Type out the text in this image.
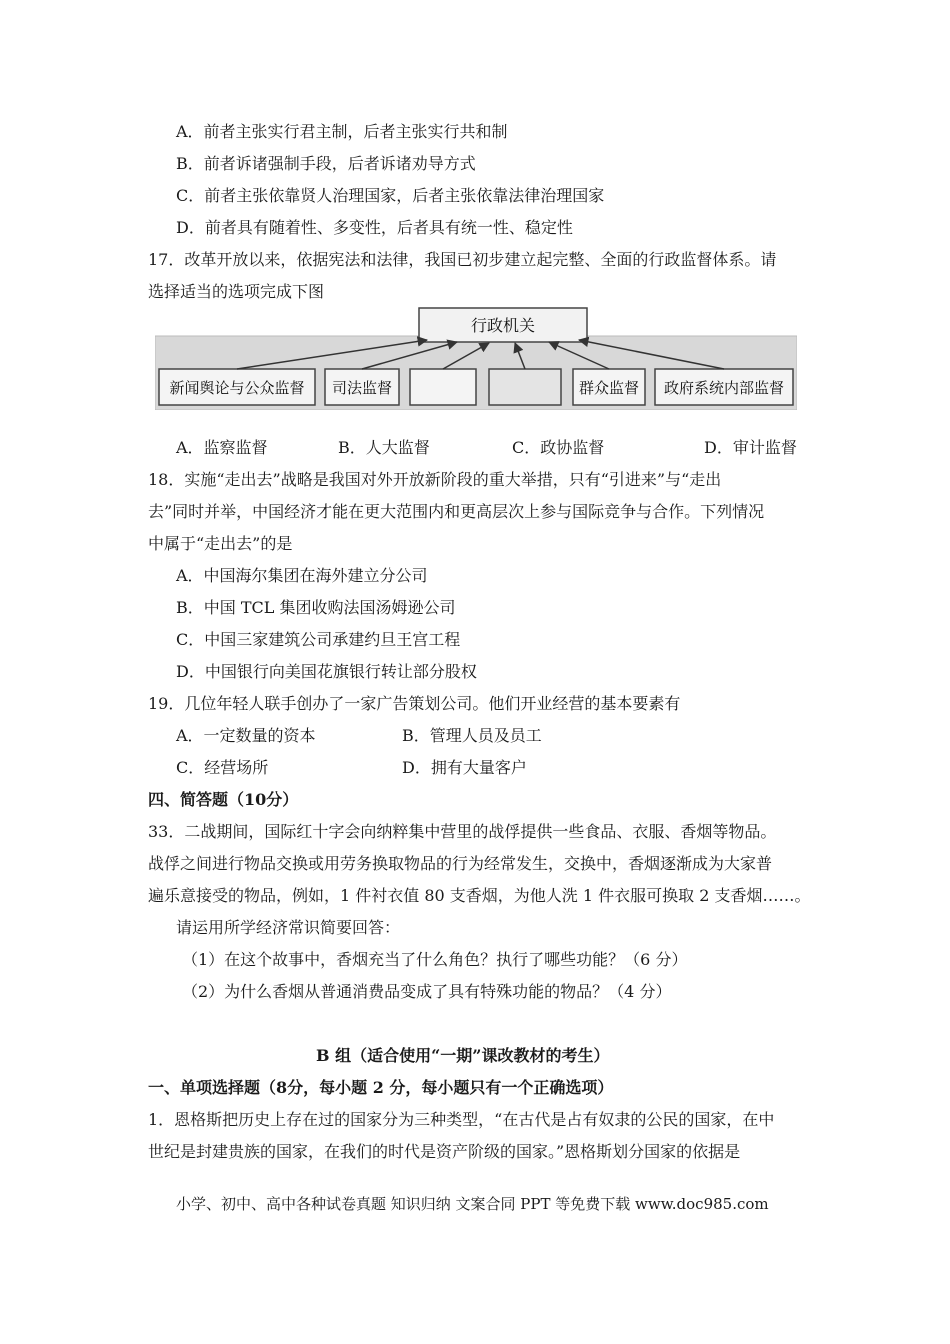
A．前者主张实行君主制，后者主张实行共和制
B．前者诉诸强制手段，后者诉诸劝导方式
C．前者主张依靠贤人治理国家，后者主张依靠法律治理国家
D．前者具有随着性、多变性，后者具有统一性、稳定性
17．改革开放以来，依据宪法和法律，我国已初步建立起完整、全面的行政监督体系。请
选择适当的选项完成下图
行政机关
新闻舆论与公众监督 司法监督	群众监督 政府系统内部监督
A．监察监督	B．人大监督	C．政协监督	D．审计监督
18．实施“走出去”战略是我国对外开放新阶段的重大举措，只有“引进来”与“走出
去”同时并举，中国经济才能在更大范围内和更高层次上参与国际竞争与合作。下列情况
中属于“走出去”的是
A．中国海尔集团在海外建立分公司
B．中国 TCL 集团收购法国汤姆逊公司
C．中国三家建筑公司承建约旦王宫工程
D．中国银行向美国花旗银行转让部分股权
19．几位年轻人联手创办了一家广告策划公司。他们开业经营的基本要素有
A．一定数量的资本	B．管理人员及员工
C．经营场所	D．拥有大量客户
四、简答题（10分）
33．二战期间，国际红十字会向纳粹集中营里的战俘提供一些食品、衣服、香烟等物品。
战俘之间进行物品交换或用劳务换取物品的行为经常发生，交换中，香烟逐渐成为大家普
遍乐意接受的物品，例如，1 件衬衣值 80 支香烟，为他人洗 1 件衣服可换取 2 支香烟……。
请运用所学经济常识简要回答：
（1）在这个故事中，香烟充当了什么角色？执行了哪些功能？（6 分）
（2）为什么香烟从普通消费品变成了具有特殊功能的物品？（4 分）
B 组（适合使用“一期”课改教材的考生）
一、单项选择题（8分，每小题 2 分，每小题只有一个正确选项）
1．恩格斯把历史上存在过的国家分为三种类型，“在古代是占有奴隶的公民的国家，在中
世纪是封建贵族的国家，在我们的时代是资产阶级的国家。”恩格斯划分国家的依据是
小学、初中、高中各种试卷真题 知识归纳 文案合同 PPT 等免费下载 www.doc985.com
